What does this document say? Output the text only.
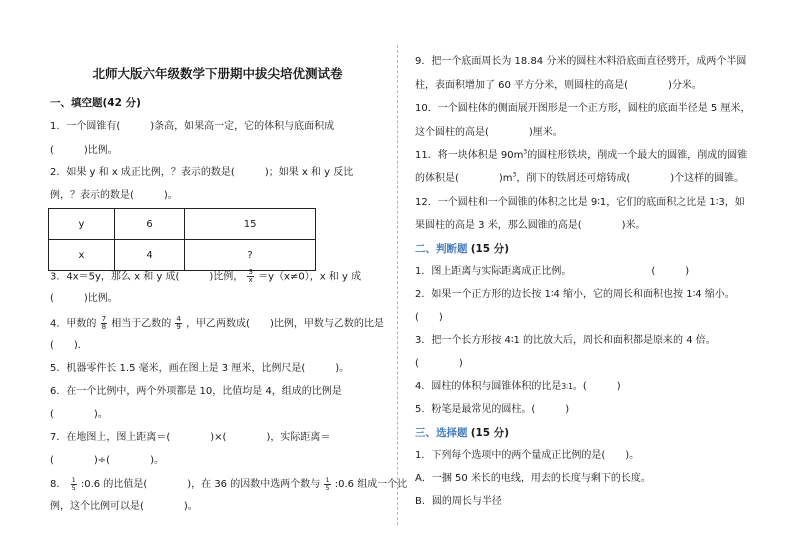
北师大版六年级数学下册期中拔尖培优测试卷
一、填空题(42 分)
1．一个圆锥有(   )条高，如果高一定，它的体积与底面积成
(   )比例。
2．如果 y 和 x 成正比例，？表示的数是(   )；如果 x 和 y 反比
例，？表示的数是(   )。
y	6	15
x	4	?
3．4x＝5y，那么 x 和 y 成(   )比例， $\frac{3}{x} =y(x\ne 0)$，x 和 y 成
(   )比例。
4．甲数的 $\frac{7}{8}$ 相当于乙数的 $\frac{4}{9}$ ，甲乙两数成(  )比例，甲数与乙数的比是
(  )．
5．机器零件长 1.5 毫米，画在图上是 3 厘米，比例尺是(   )。
6．在一个比例中，两个外项都是 10，比值均是 4，组成的比例是
(    )。
7．在地图上，图上距离＝(    )×(    )，实际距离＝
(    )÷(    )。
8． $\frac{1}{5}$ :0.6 的比值是(    )，在 36 的因数中选两个数与 $\frac{1}{5}$ :0.6 组成一个比
例，这个比例可以是(    )。
9．把一个底面周长为 18.84 分米的圆柱木料沿底面直径劈开，成两个半圆
柱，表面积增加了 60 平方分米，则圆柱的高是(    )分米。
10．一个圆柱体的侧面展开图形是一个正方形，圆柱的底面半径是 5 厘米，
这个圆柱的高是(    )厘米。
11．将一块体积是 $90m^3$的圆柱形铁块，削成一个最大的圆锥，削成的圆锥
的体积是(    )$m^3$，削下的铁屑还可熔铸成(    )个这样的圆锥。
12．一个圆柱和一个圆锥的体积之比是 9∶1，它们的底面积之比是 1∶3，如
果圆柱的高是 3 米，那么圆锥的高是(    )米。
二、判断题 (15 分)
1．图上距离与实际距离成正比例。        (   )
2．如果一个正方形的边长按 1∶4 缩小，它的周长和面积也按 1∶4 缩小。
(  )
3．把一个长方形按 4∶1 的比放大后，周长和面积都是原来的 4 倍。
(    )
4．圆柱的体积与圆锥体积的比是3∶1。(   )
5．粉笔是最常见的圆柱。(   )
三、选择题 (15 分)
1．下列每个选项中的两个量成正比例的是(  )。
A．一捆 50 米长的电线，用去的长度与剩下的长度。
B．圆的周长与半径
